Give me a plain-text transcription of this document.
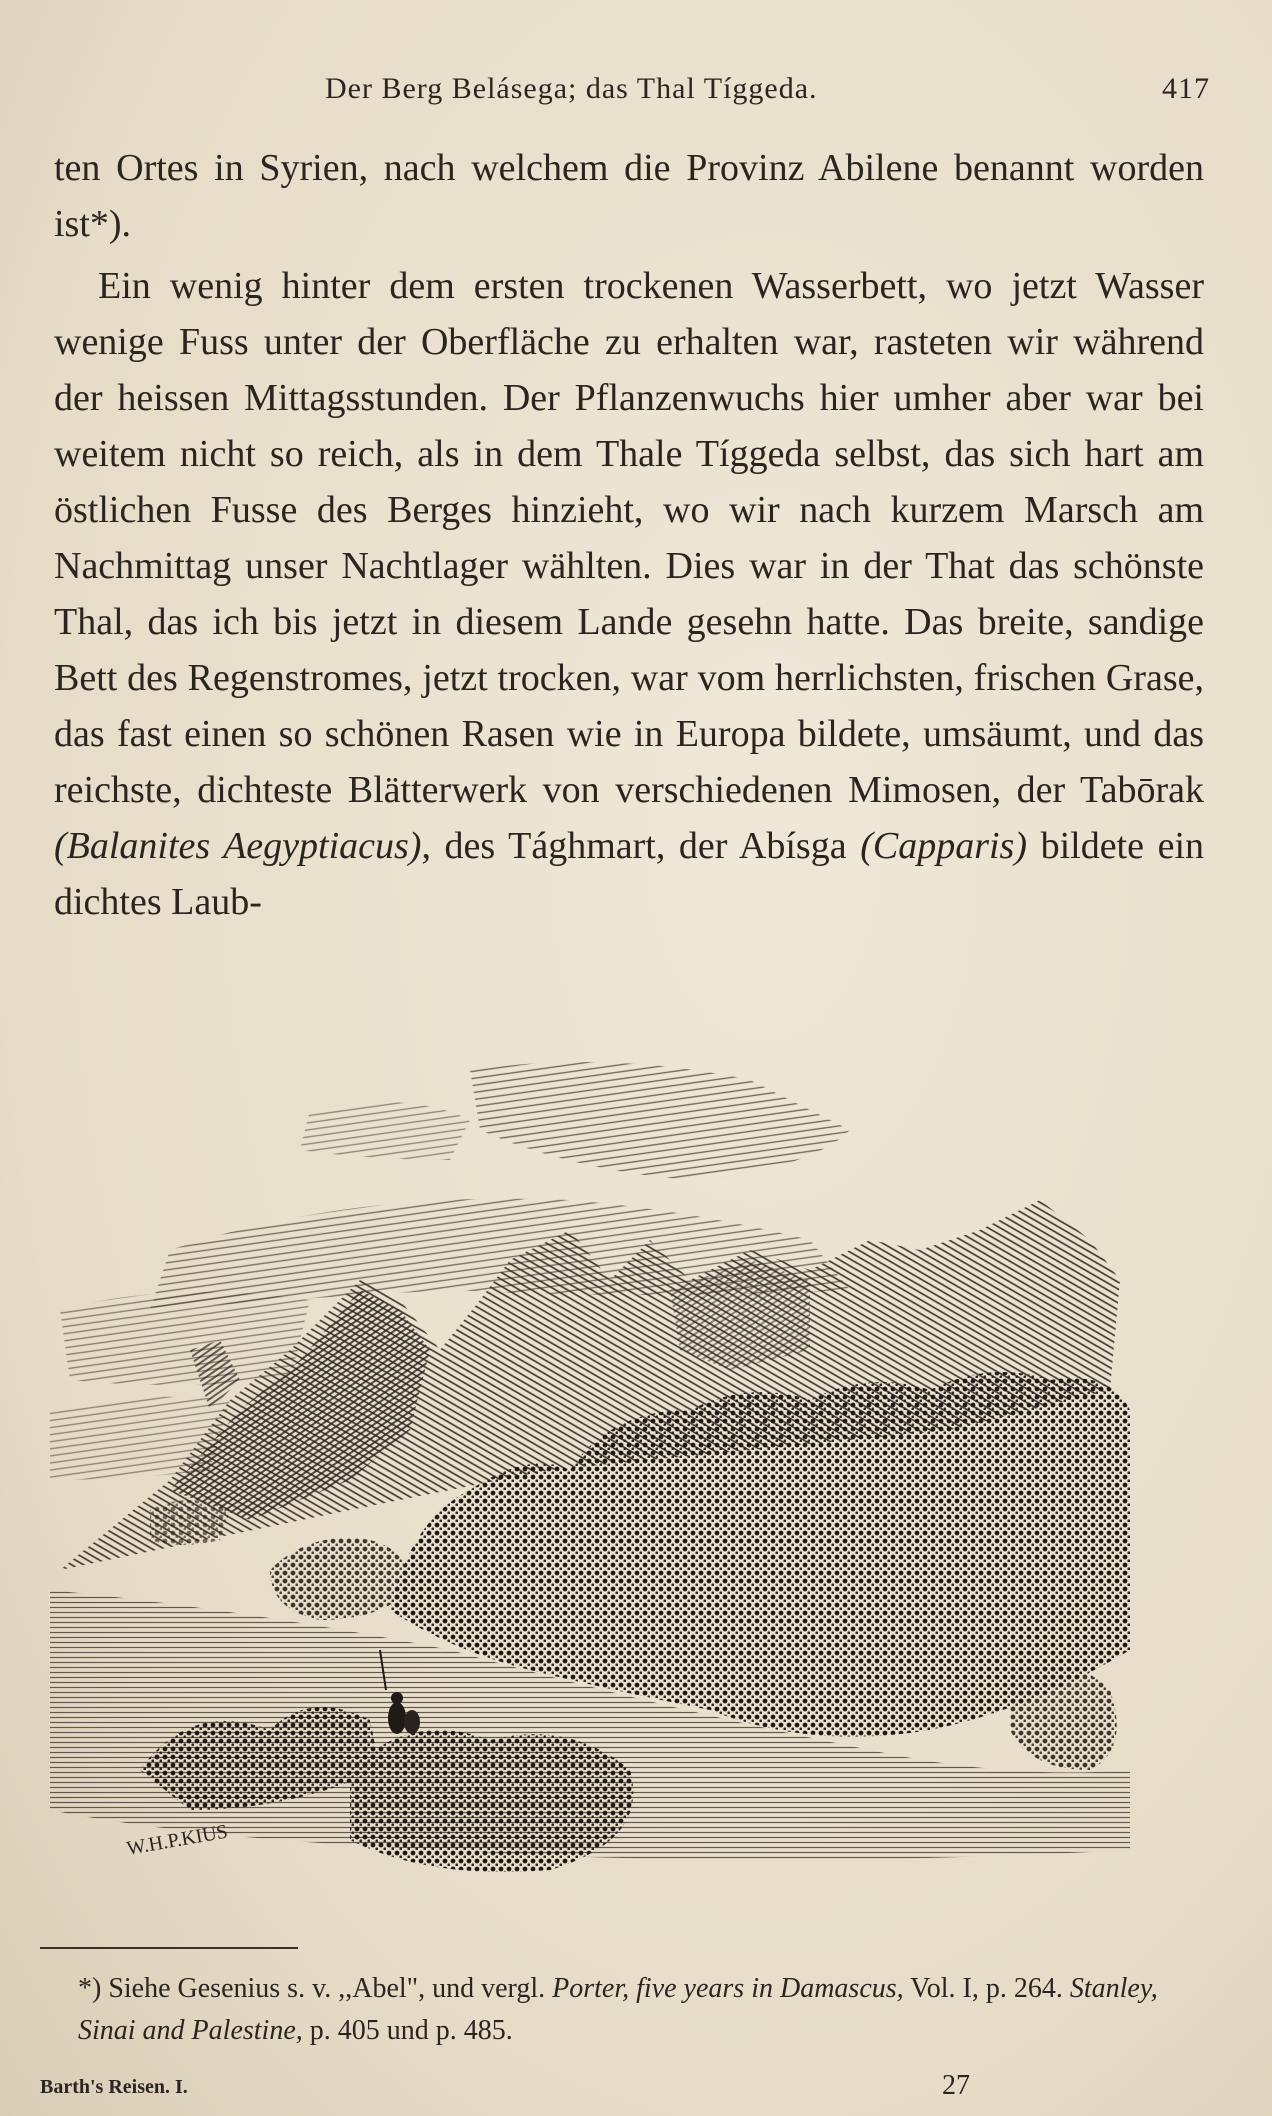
Der Berg Belásega; das Thal Tíggeda.	417

ten Ortes in Syrien, nach welchem die Provinz Abilene benannt worden ist*).

Ein wenig hinter dem ersten trockenen Wasserbett, wo jetzt Wasser wenige Fuss unter der Oberfläche zu erhalten war, rasteten wir während der heissen Mittagsstunden. Der Pflanzenwuchs hier umher aber war bei weitem nicht so reich, als in dem Thale Tíggeda selbst, das sich hart am östlichen Fusse des Berges hinzieht, wo wir nach kurzem Marsch am Nachmittag unser Nachtlager wählten. Dies war in der That das schönste Thal, das ich bis jetzt in diesem Lande gesehn hatte. Das breite, sandige Bett des Regenstromes, jetzt trocken, war vom herrlichsten, frischen Grase, das fast einen so schönen Rasen wie in Europa bildete, umsäumt, und das reichste, dichteste Blätterwerk von verschiedenen Mimosen, der Tabōrak (Balanites Aegyptiacus), des Tághmart, der Abísga (Capparis) bildete ein dichtes Laub-

W.H.P.KIUS
*) Siehe Gesenius s. v. ,,Abel", und vergl. Porter, five years in Damascus, Vol. I, p. 264. Stanley, Sinai and Palestine, p. 405 und p. 485.
Barth's Reisen. I.	27
